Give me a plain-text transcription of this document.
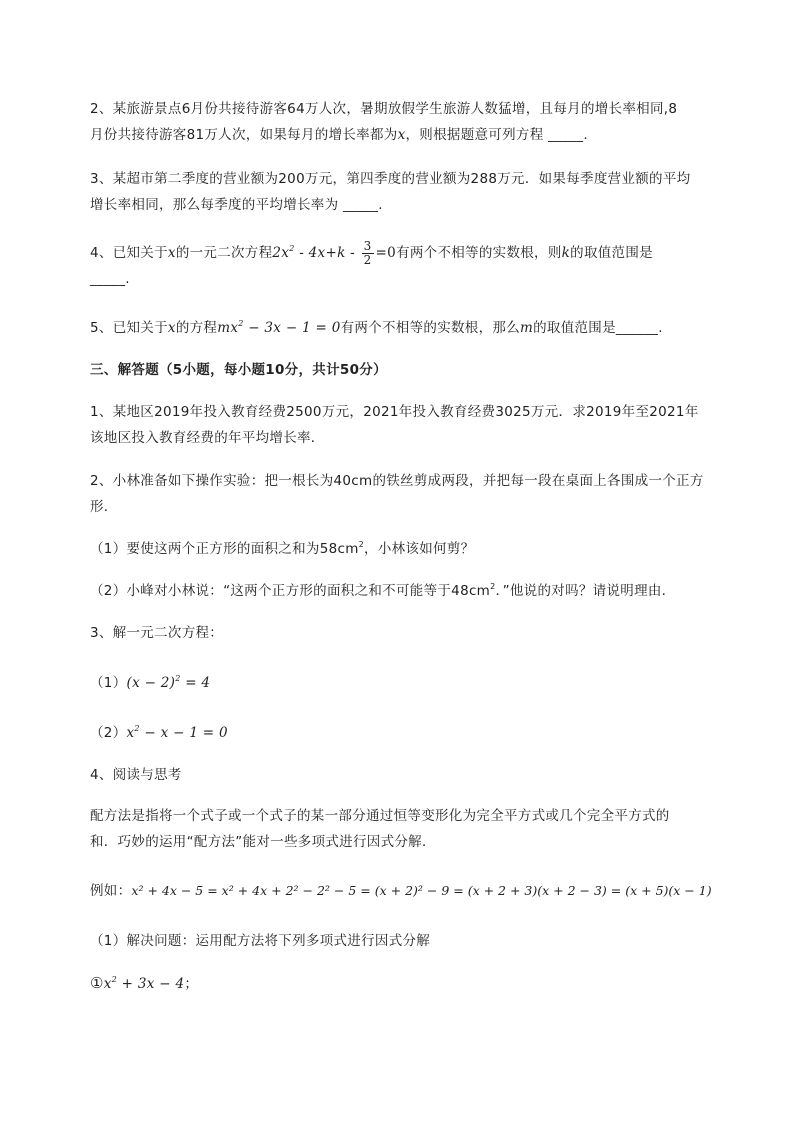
2、某旅游景点6月份共接待游客64万人次，暑期放假学生旅游人数猛增，且每月的增长率相同,8
月份共接待游客81万人次，如果每月的增长率都为x，则根据题意可列方程 _____.
3、某超市第二季度的营业额为200万元，第四季度的营业额为288万元．如果每季度营业额的平均
增长率相同，那么每季度的平均增长率为 _____.
4、已知关于x的一元二次方程$2x^2 - 4x+k - \frac{3}{2} =0$有两个不相等的实数根，则k的取值范围是
_____.
5、已知关于x的方程$mx^2 - 3x - 1 = 0$有两个不相等的实数根，那么m的取值范围是______.
三、解答题（5小题，每小题10分，共计50分）
1、某地区2019年投入教育经费2500万元，2021年投入教育经费3025万元．求2019年至2021年
该地区投入教育经费的年平均增长率．
2、小林准备如下操作实验：把一根长为40cm的铁丝剪成两段，并把每一段在桌面上各围成一个正方
形．
（1）要使这两个正方形的面积之和为$58cm^2$，小林该如何剪？
（2）小峰对小林说：“这两个正方形的面积之和不可能等于$48cm^2$．”他说的对吗？请说明理由．
3、解一元二次方程：
$(1)(x - 2)^2 = 4$
$(2)x^2 - x - 1 = 0$
4、阅读与思考
配方法是指将一个式子或一个式子的某一部分通过恒等变形化为完全平方式或几个完全平方式的
和．巧妙的运用“配方法”能对一些多项式进行因式分解．
例如：x² + 4x − 5 = x² + 4x + 2² − 2² − 5 = (x + 2)² − 9 = (x + 2 + 3)(x + 2 − 3) = (x + 5)(x − 1)
（1）解决问题：运用配方法将下列多项式进行因式分解
$①x^2 + 3x - 4$；
